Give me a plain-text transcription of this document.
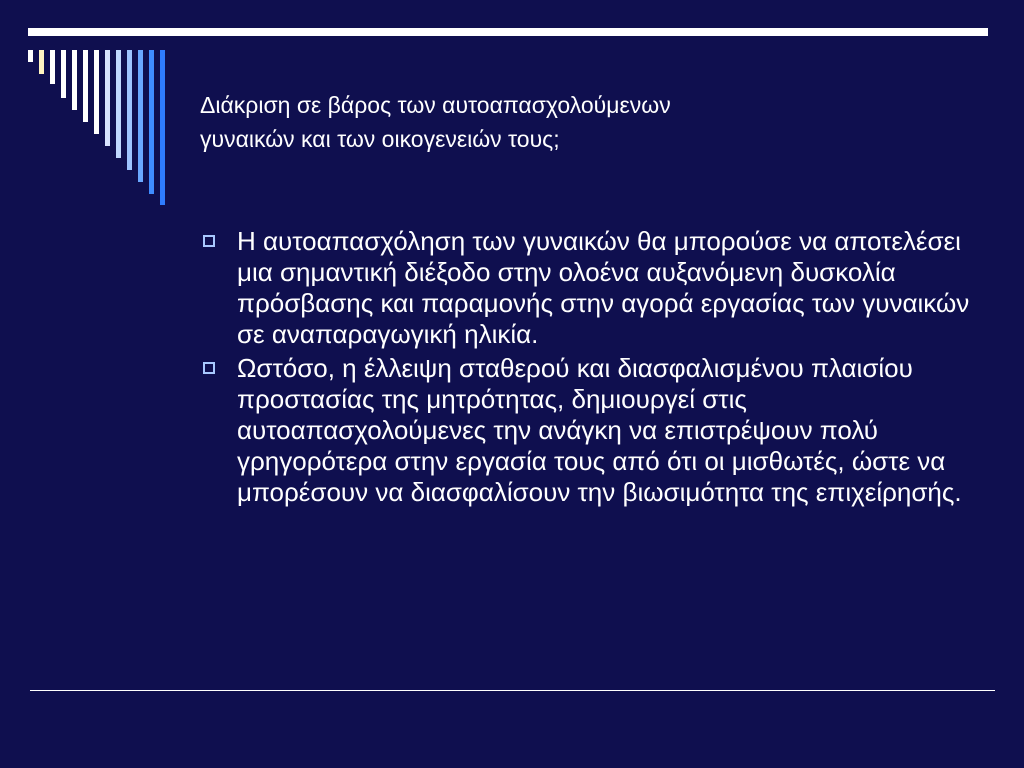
Διάκριση σε βάρος των αυτοαπασχολούμενων
γυναικών και των οικογενειών τους;
Η αυτοαπασχόληση των γυναικών θα μπορούσε να αποτελέσει μια σημαντική διέξοδο στην ολοένα αυξανόμενη δυσκολία πρόσβασης και παραμονής στην αγορά εργασίας των γυναικών σε αναπαραγωγική ηλικία.
Ωστόσο, η έλλειψη σταθερού και διασφαλισμένου πλαισίου προστασίας της μητρότητας, δημιουργεί στις αυτοαπασχολούμενες την ανάγκη να επιστρέψουν πολύ γρηγορότερα στην εργασία τους από ότι οι μισθωτές, ώστε να μπορέσουν να διασφαλίσουν την βιωσιμότητα της επιχείρησής.
